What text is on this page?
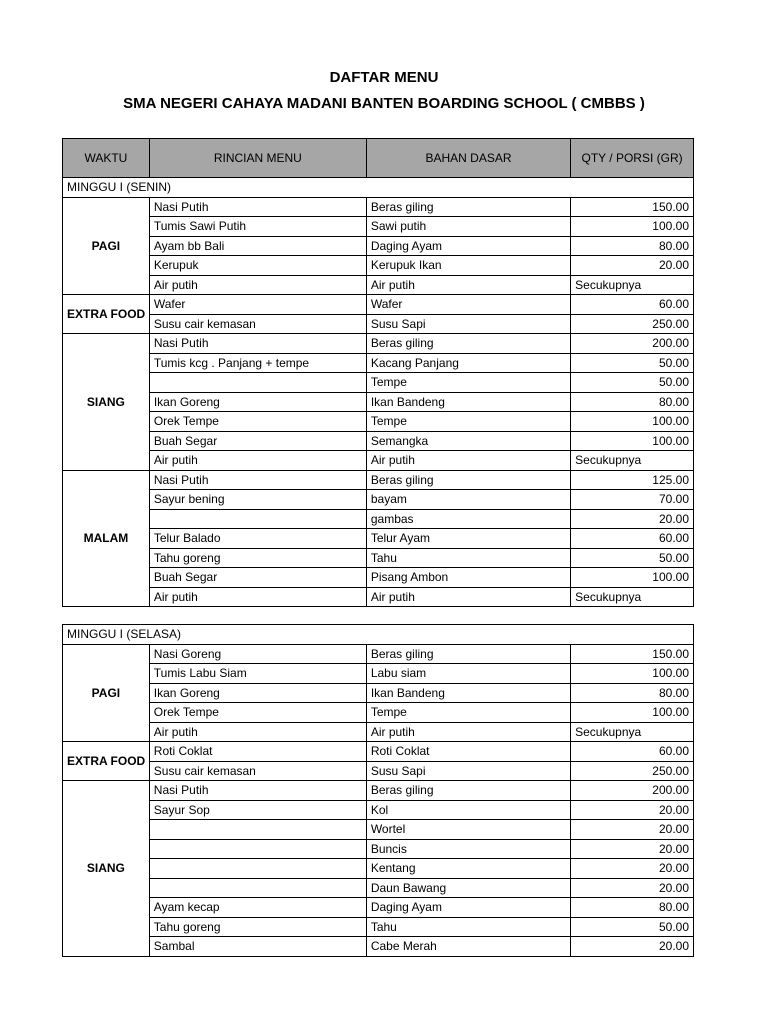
DAFTAR MENU
SMA NEGERI CAHAYA MADANI BANTEN BOARDING SCHOOL ( CMBBS )
WAKTU	RINCIAN MENU	BAHAN DASAR	QTY / PORSI (GR)
MINGGU I (SENIN)			
PAGI	Nasi Putih	Beras giling	150.00
	Tumis Sawi Putih	Sawi putih	100.00
	Ayam bb Bali	Daging Ayam	80.00
	Kerupuk	Kerupuk Ikan	20.00
	Air putih	Air putih	Secukupnya
EXTRA FOOD	Wafer	Wafer	60.00
	Susu cair kemasan	Susu Sapi	250.00
SIANG	Nasi Putih	Beras giling	200.00
	Tumis kcg . Panjang + tempe	Kacang Panjang	50.00
		Tempe	50.00
	Ikan Goreng	Ikan Bandeng	80.00
	Orek Tempe	Tempe	100.00
	Buah Segar	Semangka	100.00
	Air putih	Air putih	Secukupnya
MALAM	Nasi Putih	Beras giling	125.00
	Sayur bening	bayam	70.00
		gambas	20.00
	Telur Balado	Telur Ayam	60.00
	Tahu goreng	Tahu	50.00
	Buah Segar	Pisang Ambon	100.00
	Air putih	Air putih	Secukupnya
MINGGU I (SELASA)			
PAGI	Nasi Goreng	Beras giling	150.00
	Tumis Labu Siam	Labu siam	100.00
	Ikan Goreng	Ikan Bandeng	80.00
	Orek Tempe	Tempe	100.00
	Air putih	Air putih	Secukupnya
EXTRA FOOD	Roti Coklat	Roti Coklat	60.00
	Susu cair kemasan	Susu Sapi	250.00
SIANG	Nasi Putih	Beras giling	200.00
	Sayur Sop	Kol	20.00
		Wortel	20.00
		Buncis	20.00
		Kentang	20.00
		Daun Bawang	20.00
	Ayam kecap	Daging Ayam	80.00
	Tahu goreng	Tahu	50.00
	Sambal	Cabe Merah	20.00
